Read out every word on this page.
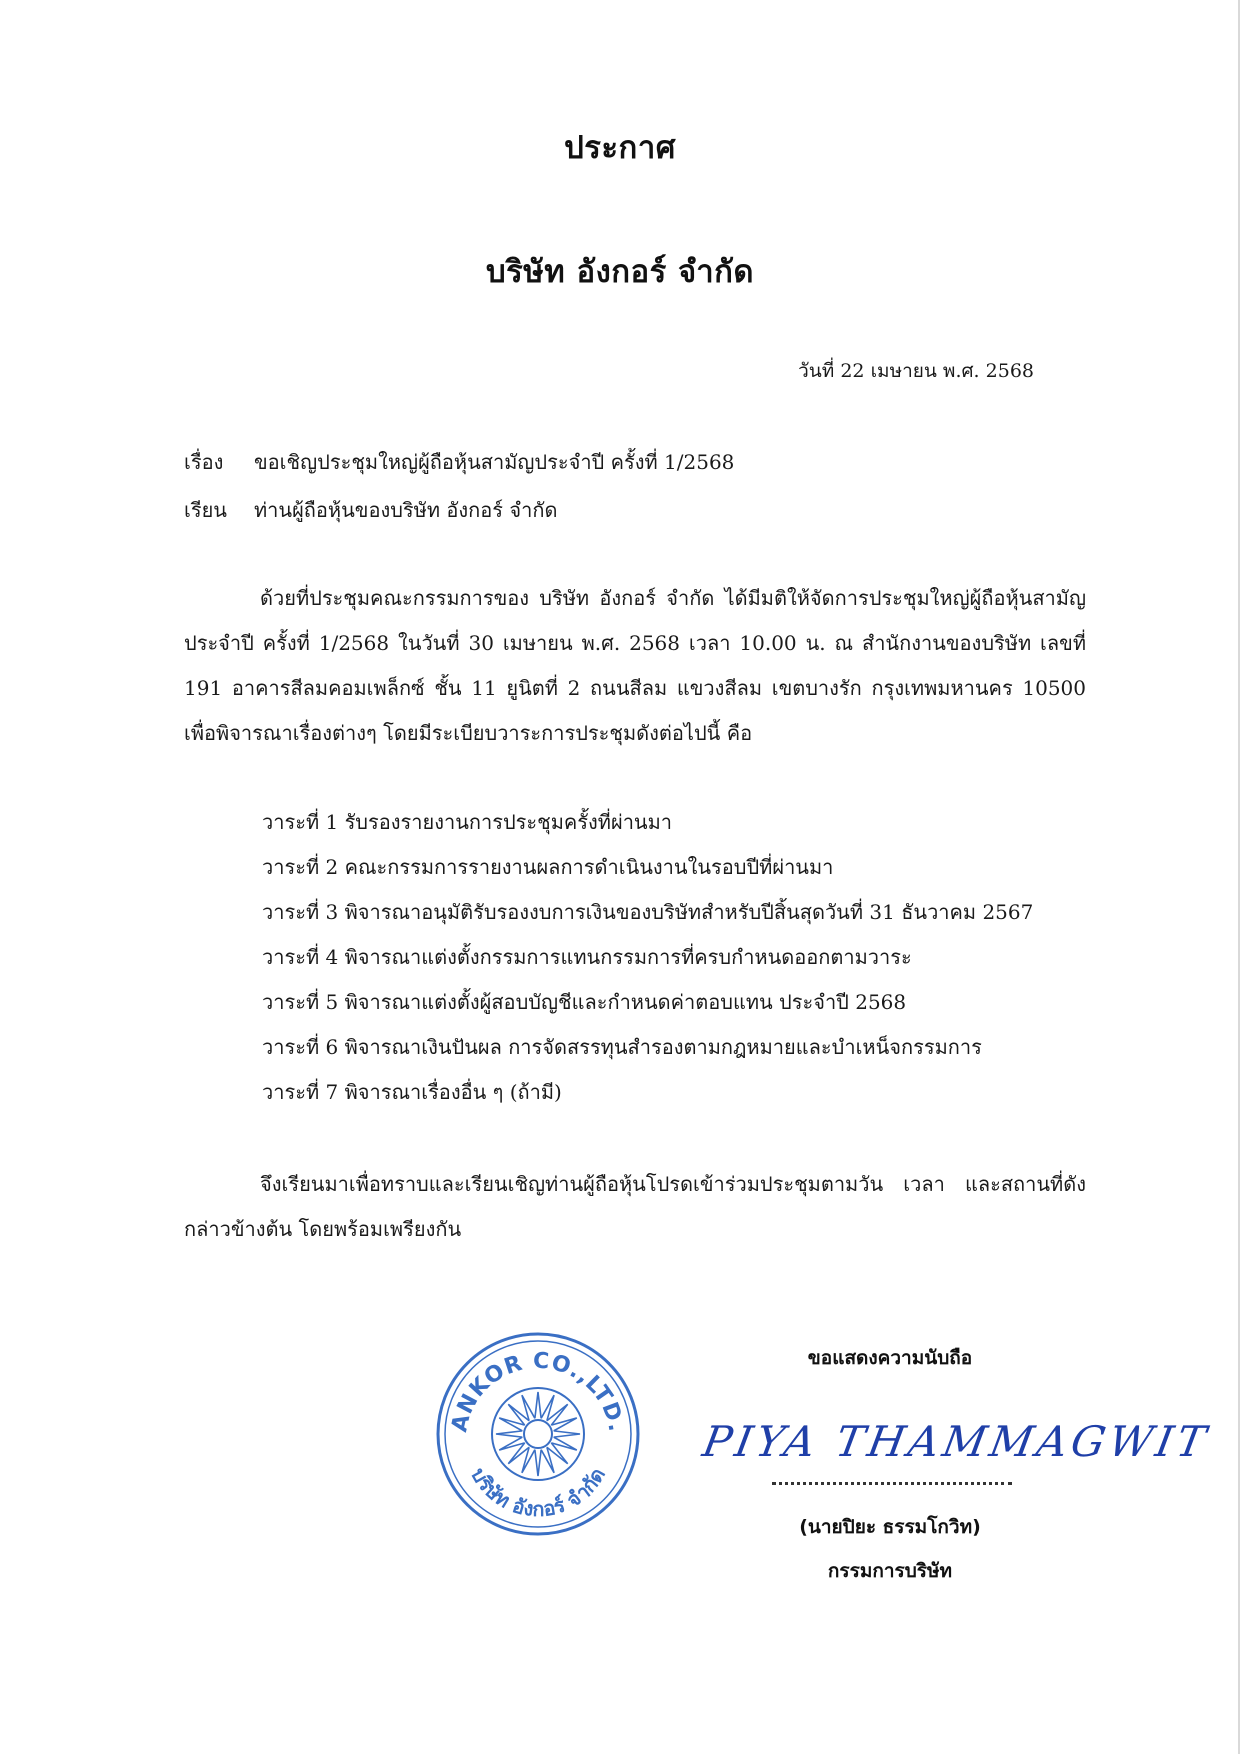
ประกาศ
บริษัท อังกอร์ จำกัด
วันที่ 22 เมษายน พ.ศ. 2568
เรื่อง ขอเชิญประชุมใหญ่ผู้ถือหุ้นสามัญประจำปี ครั้งที่ 1/2568
เรียน ท่านผู้ถือหุ้นของบริษัท อังกอร์ จำกัด
ด้วยที่ประชุมคณะกรรมการของ บริษัท อังกอร์ จำกัด ได้มีมติให้จัดการประชุมใหญ่ผู้ถือหุ้นสามัญประจำปี ครั้งที่ 1/2568 ในวันที่ 30 เมษายน พ.ศ. 2568 เวลา 10.00 น. ณ สำนักงานของบริษัท เลขที่ 191 อาคารสีลมคอมเพล็กซ์ ชั้น 11 ยูนิตที่ 2 ถนนสีลม แขวงสีลม เขตบางรัก กรุงเทพมหานคร 10500 เพื่อพิจารณาเรื่องต่างๆ โดยมีระเบียบวาระการประชุมดังต่อไปนี้ คือ
วาระที่ 1 รับรองรายงานการประชุมครั้งที่ผ่านมา
วาระที่ 2 คณะกรรมการรายงานผลการดำเนินงานในรอบปีที่ผ่านมา
วาระที่ 3 พิจารณาอนุมัติรับรองงบการเงินของบริษัทสำหรับปีสิ้นสุดวันที่ 31 ธันวาคม 2567
วาระที่ 4 พิจารณาแต่งตั้งกรรมการแทนกรรมการที่ครบกำหนดออกตามวาระ
วาระที่ 5 พิจารณาแต่งตั้งผู้สอบบัญชีและกำหนดค่าตอบแทน ประจำปี 2568
วาระที่ 6 พิจารณาเงินปันผล การจัดสรรทุนสำรองตามกฎหมายและบำเหน็จกรรมการ
วาระที่ 7 พิจารณาเรื่องอื่น ๆ (ถ้ามี)
จึงเรียนมาเพื่อทราบและเรียนเชิญท่านผู้ถือหุ้นโปรดเข้าร่วมประชุมตามวัน เวลา และสถานที่ดังกล่าวข้างต้น โดยพร้อมเพรียงกัน
ANKOR CO.,LTD.
บริษัท อังกอร์ จำกัด
ขอแสดงความนับถือ
PIYA THAMMAGWIT
(นายปิยะ ธรรมโกวิท)
กรรมการบริษัท
